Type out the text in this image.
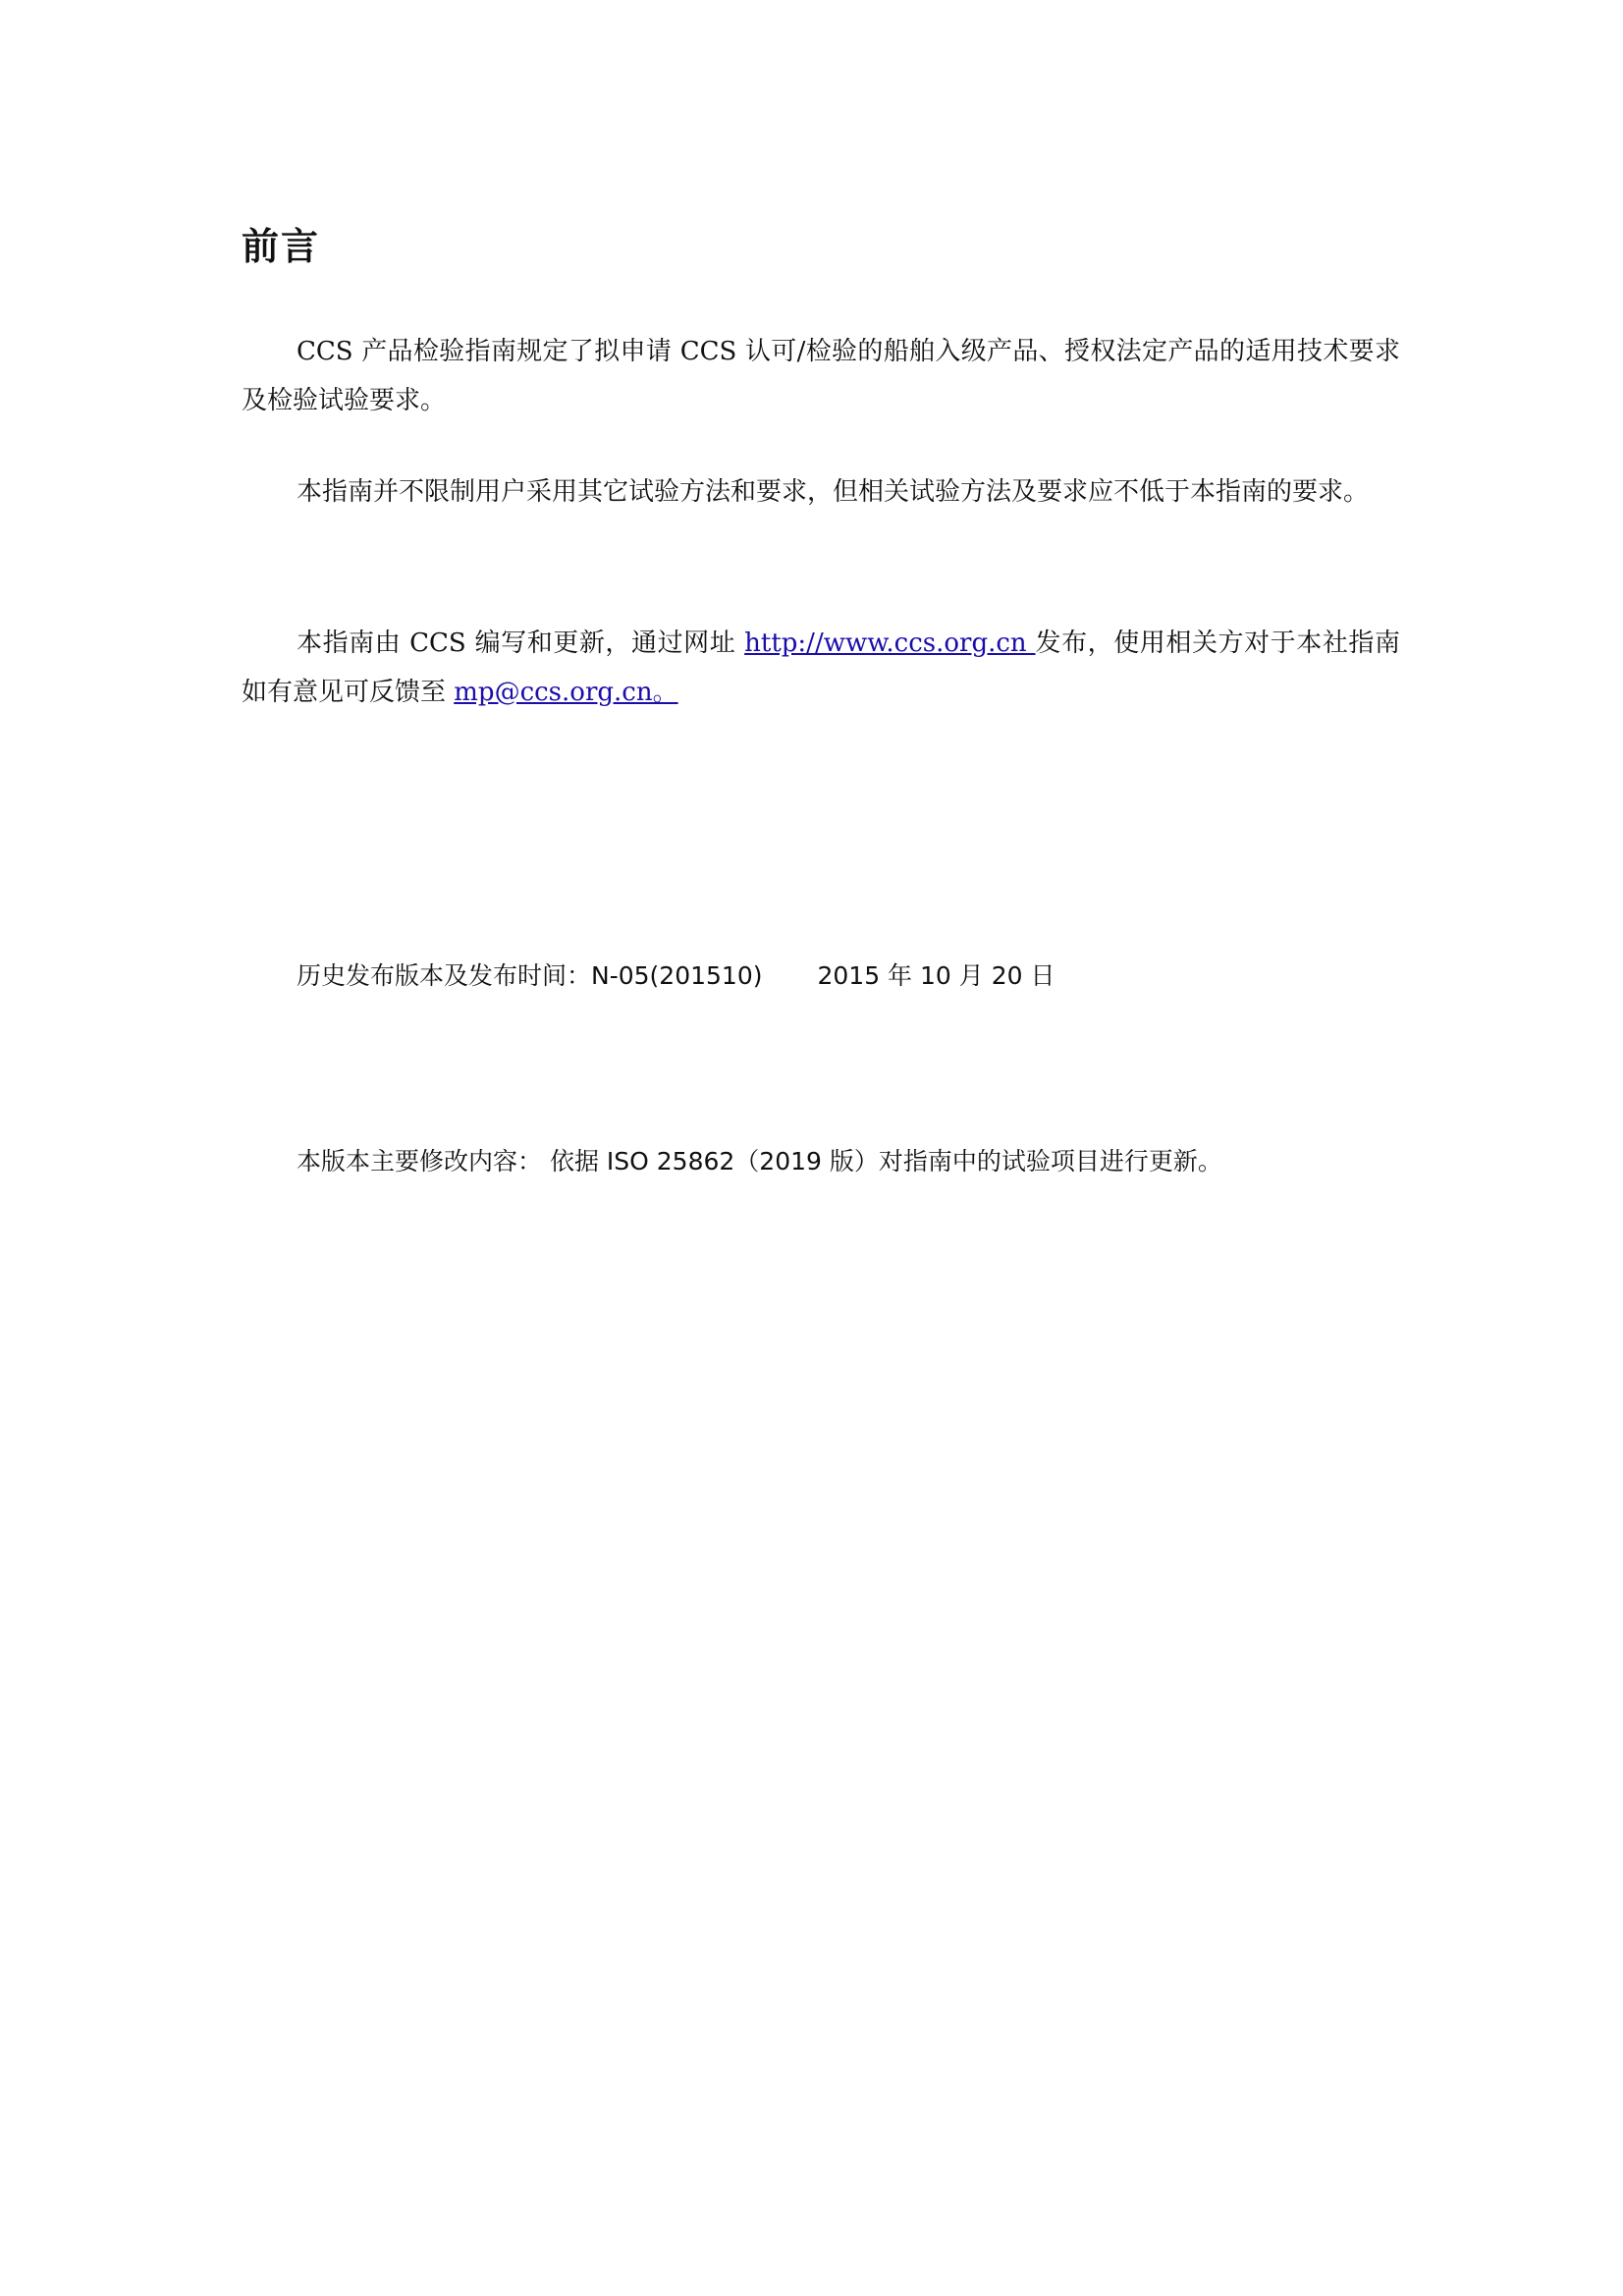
前言

CCS 产品检验指南规定了拟申请 CCS 认可/检验的船舶入级产品、授权法定产品的适用技术要求及检验试验要求。

本指南并不限制用户采用其它试验方法和要求，但相关试验方法及要求应不低于本指南的要求。

本指南由 CCS 编写和更新，通过网址 http://www.ccs.org.cn 发布，使用相关方对于本社指南如有意见可反馈至 mp@ccs.org.cn。

历史发布版本及发布时间：N-05(201510) 2015 年 10 月 20 日

本版本主要修改内容： 依据 ISO 25862（2019 版）对指南中的试验项目进行更新。
